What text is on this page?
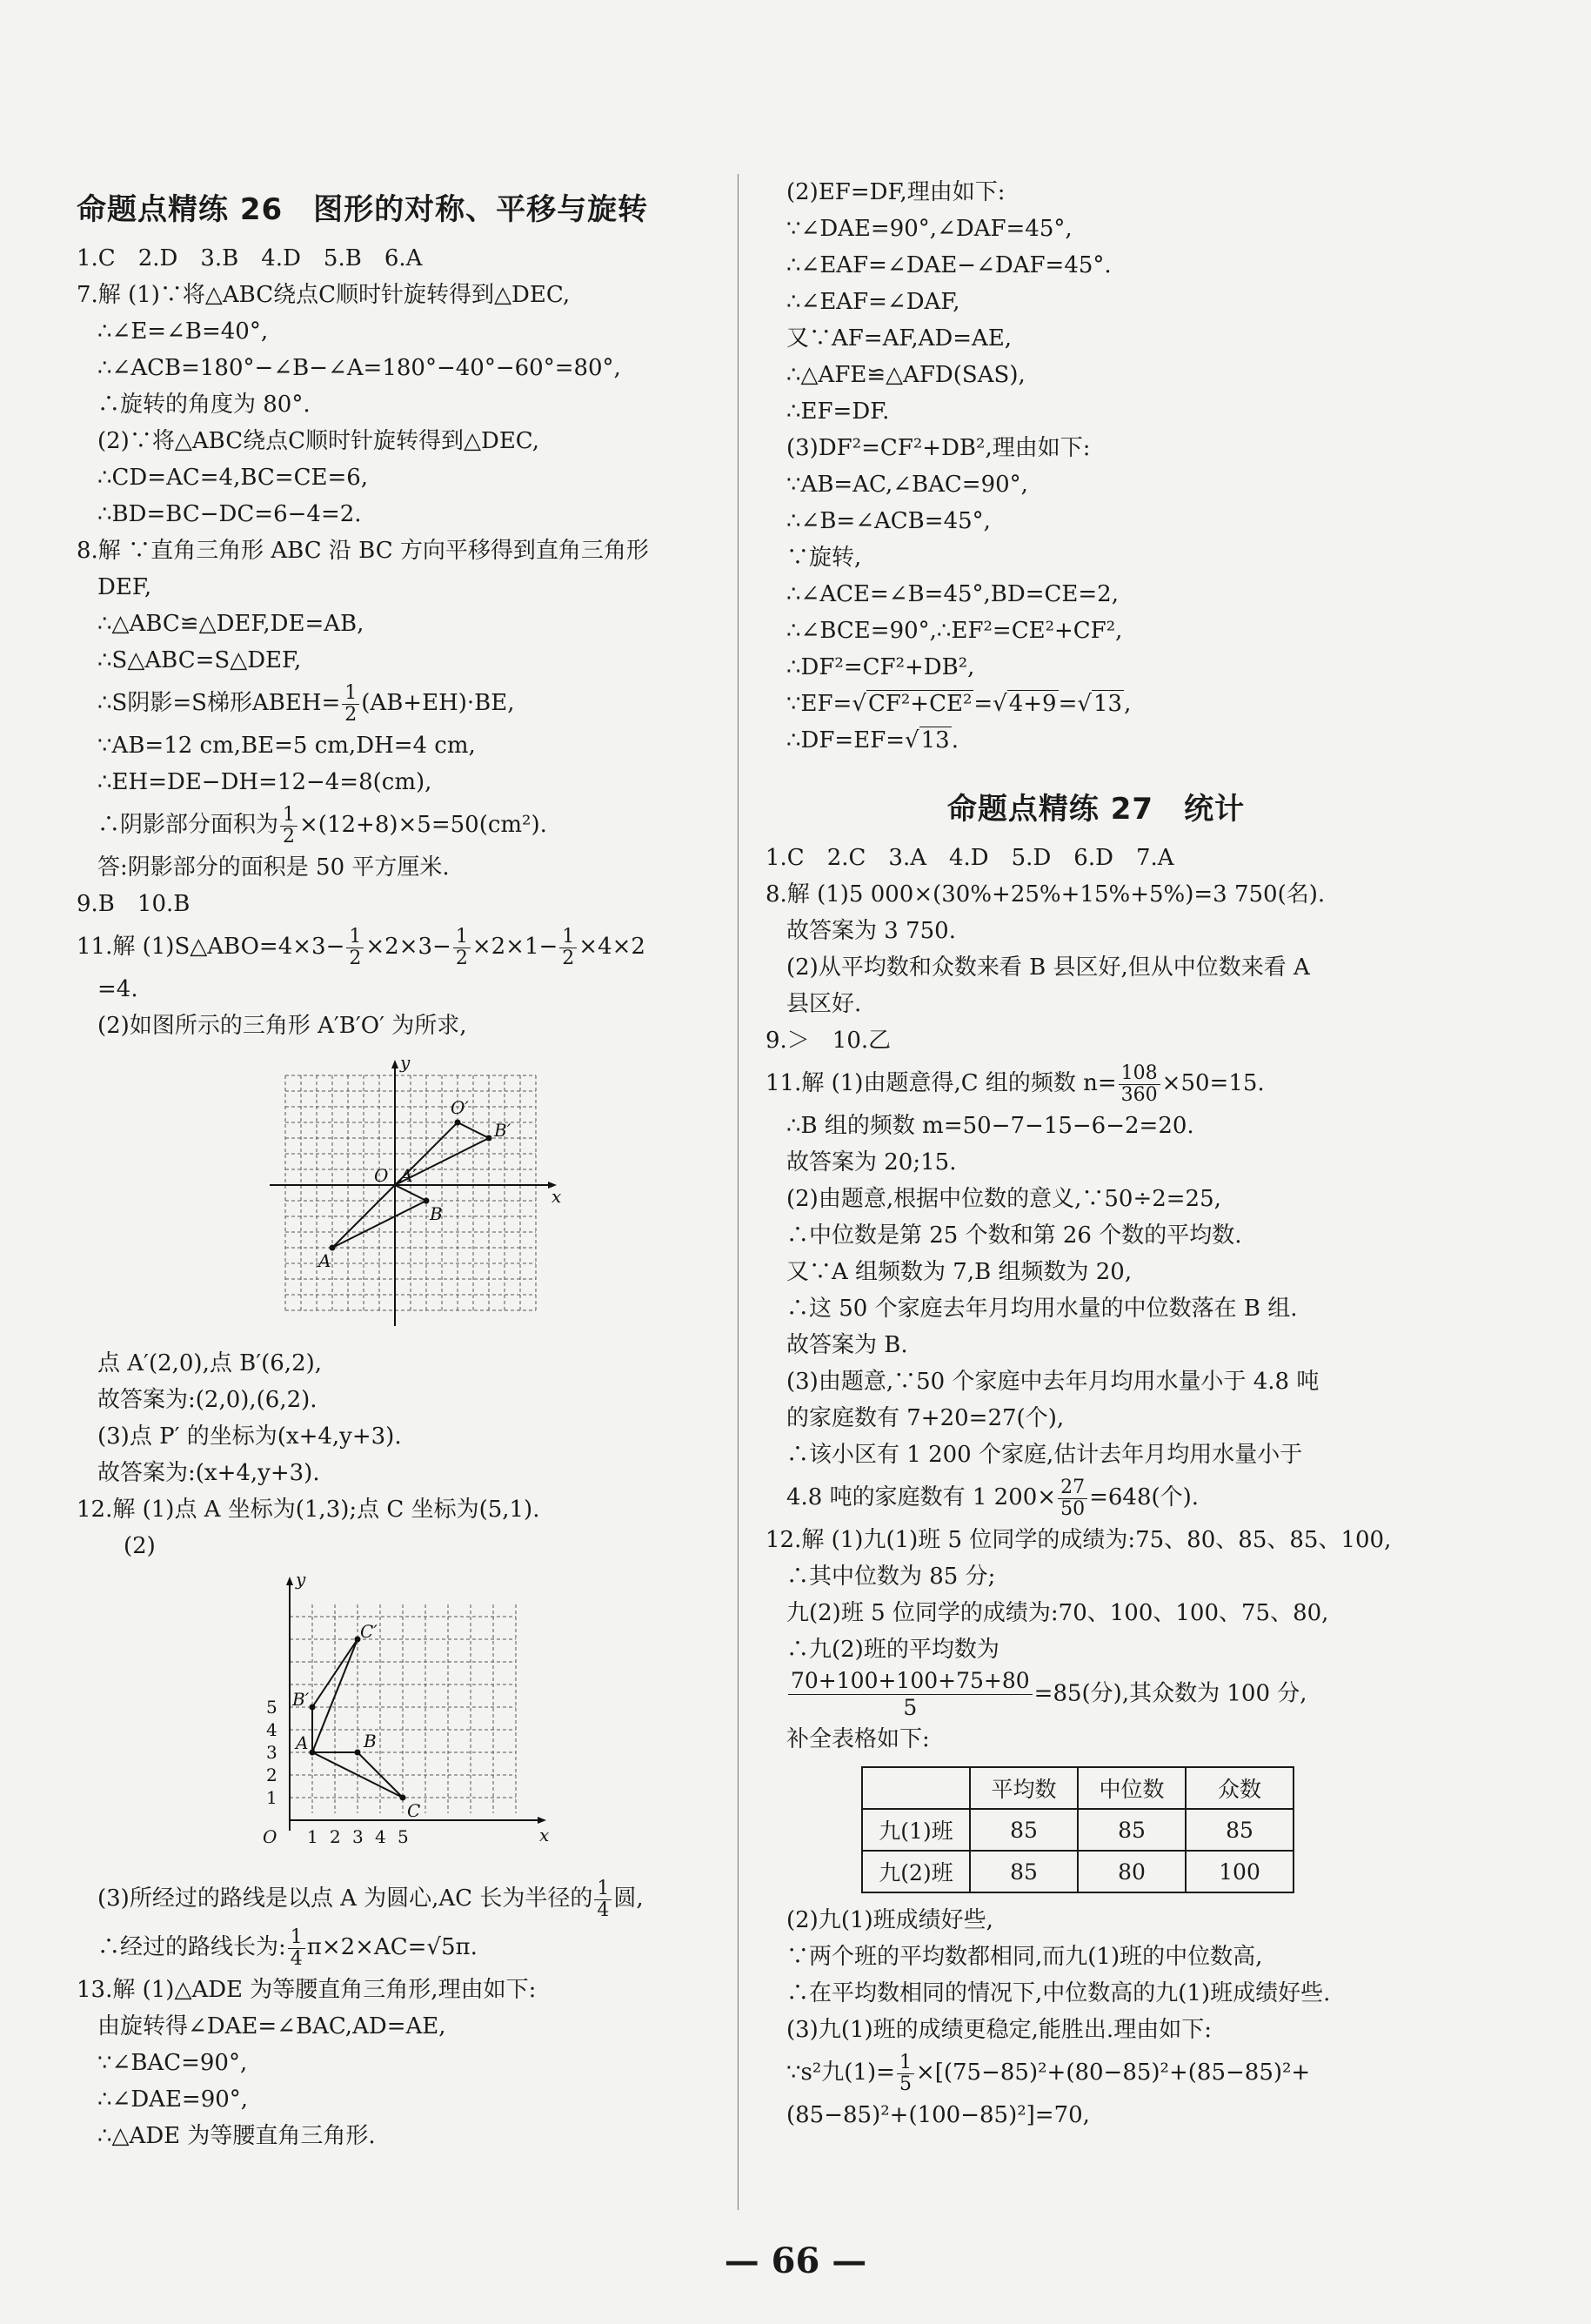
命题点精练 26　图形的对称、平移与旋转
1.C　2.D　3.B　4.D　5.B　6.A
7.解 (1)∵将△ABC绕点C顺时针旋转得到△DEC,
∴∠E=∠B=40°,
∴∠ACB=180°−∠B−∠A=180°−40°−60°=80°,
∴旋转的角度为 80°.
(2)∵将△ABC绕点C顺时针旋转得到△DEC,
∴CD=AC=4,BC=CE=6,
∴BD=BC−DC=6−4=2.
8.解 ∵直角三角形 ABC 沿 BC 方向平移得到直角三角形
DEF,
∴△ABC≌△DEF,DE=AB,
∴S△ABC=S△DEF,
∴S阴影=S梯形ABEH= $\frac{1}{2} (AB+EH)\cdot BE$,
∵AB=12 cm,BE=5 cm,DH=4 cm,
∴EH=DE−DH=12−4=8(cm),
∴阴影部分面积为 $\frac{1}{2} \times(12+8)\times 5=50(cm^2)$.
答:阴影部分的面积是 50 平方厘米.
9.B　10.B
11.解 (1)S△ABO=4×3− $\frac{1}{2} \times 2\times 3- \frac{1}{2} \times 2\times 1- \frac{1}{2} \times 4\times 2$
=4.
(2)如图所示的三角形 A′B′O′ 为所求,
y
x
O
A
B
A′
B′
O′
点 A′(2,0),点 B′(6,2),
故答案为:(2,0),(6,2).
(3)点 P′ 的坐标为(x+4,y+3).
故答案为:(x+4,y+3).
12.解 (1)点 A 坐标为(1,3);点 C 坐标为(5,1).
(2)
y
x
O
A	B
C
B′
C′
1
2
3
4
5
1 2 3 4 5
(3)所经过的路线是以点 A 为圆心,AC 长为半径的 $\frac{1}{4}$ 圆,
∴经过的路线长为: $\frac{1}{4} \pi\times 2\times AC=√5\pi$.
13.解 (1)△ADE 为等腰直角三角形,理由如下:
由旋转得∠DAE=∠BAC,AD=AE,
∵∠BAC=90°,
∴∠DAE=90°,
∴△ADE 为等腰直角三角形.
(2)EF=DF,理由如下:
∵∠DAE=90°,∠DAF=45°,
∴∠EAF=∠DAE−∠DAF=45°.
∴∠EAF=∠DAF,
又∵AF=AF,AD=AE,
∴△AFE≌△AFD(SAS),
∴EF=DF.
(3)DF²=CF²+DB²,理由如下:
∵AB=AC,∠BAC=90°,
∴∠B=∠ACB=45°,
∵旋转,
∴∠ACE=∠B=45°,BD=CE=2,
∴∠BCE=90°,∴EF²=CE²+CF²,
∴DF²=CF²+DB²,
∵EF=√CF²+CE²=√4+9=√13,
∴DF=EF=√13.
命题点精练 27　统计
1.C　2.C　3.A　4.D　5.D　6.D　7.A
8.解 (1)5 000×(30%+25%+15%+5%)=3 750(名).
故答案为 3 750.
(2)从平均数和众数来看 B 县区好,但从中位数来看 A
县区好.
9.＞　10.乙
11.解 (1)由题意得,C 组的频数 $n= \frac{108}{360} \times 50=15$.
∴B 组的频数 m=50−7−15−6−2=20.
故答案为 20;15.
(2)由题意,根据中位数的意义,∵50÷2=25,
∴中位数是第 25 个数和第 26 个数的平均数.
又∵A 组频数为 7,B 组频数为 20,
∴这 50 个家庭去年月均用水量的中位数落在 B 组.
故答案为 B.
(3)由题意,∵50 个家庭中去年月均用水量小于 4.8 吨
的家庭数有 7+20=27(个),
∴该小区有 1 200 个家庭,估计去年月均用水量小于
4.8 吨的家庭数有 1 $200\times \frac{27}{50} =648$(个).
12.解 (1)九(1)班 5 位同学的成绩为:75、80、85、85、100,
∴其中位数为 85 分;
九(2)班 5 位同学的成绩为:70、100、100、75、80,
∴九(2)班的平均数为
$\frac{70+100+100+75+80}{5} =85$(分),其众数为 100 分,
补全表格如下:
	平均数	中位数	众数
九(1)班	85	85	85
九(2)班	85	80	100
(2)九(1)班成绩好些,
∵两个班的平均数都相同,而九(1)班的中位数高,
∴在平均数相同的情况下,中位数高的九(1)班成绩好些.
(3)九(1)班的成绩更稳定,能胜出.理由如下:
∵s²九$(1)= \frac{1}{5} \times[(75-85)^2+(80-85)^2+(85-85)^2+$
(85−85)²+(100−85)²]=70,
— 66 —
